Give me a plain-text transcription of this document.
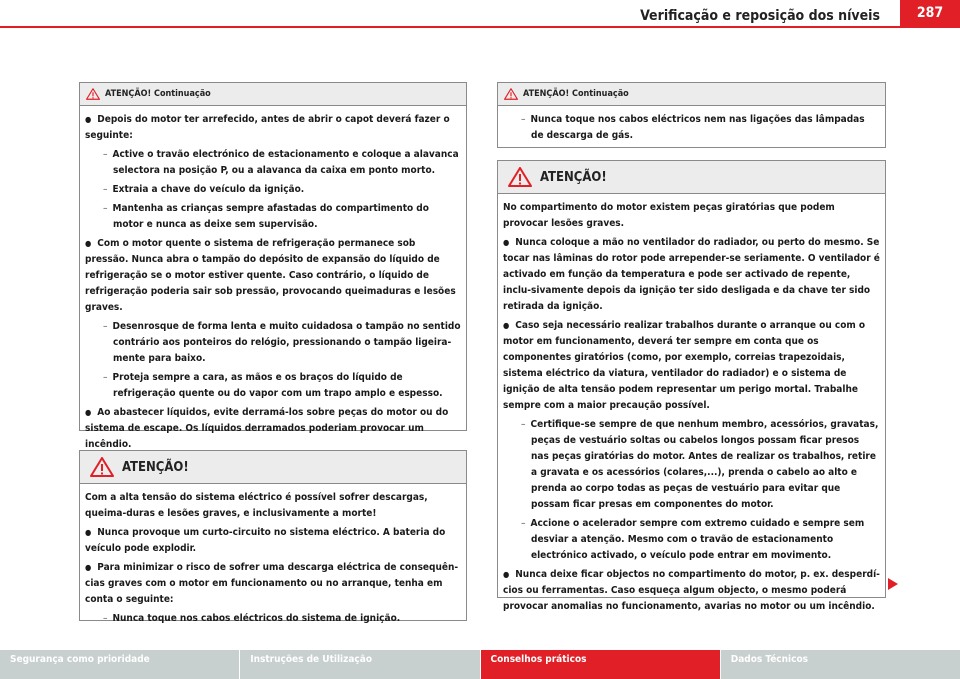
Verificação e reposição dos níveis	287
ATENÇÃO! Continuação

● Depois do motor ter arrefecido, antes de abrir o capot deverá fazer o seguinte:

– Active o travão electrónico de estacionamento e coloque a alavanca selectora na posição P, ou a alavanca da caixa em ponto morto.

– Extraia a chave do veículo da ignição.

– Mantenha as crianças sempre afastadas do compartimento do motor e nunca as deixe sem supervisão.

● Com o motor quente o sistema de refrigeração permanece sob pressão. Nunca abra o tampão do depósito de expansão do líquido de refrigeração se o motor estiver quente. Caso contrário, o líquido de refrigeração poderia sair sob pressão, provocando queimaduras e lesões graves.

– Desenrosque de forma lenta e muito cuidadosa o tampão no sentido contrário aos ponteiros do relógio, pressionando o tampão ligeira-mente para baixo.

– Proteja sempre a cara, as mãos e os braços do líquido de refrigeração quente ou do vapor com um trapo amplo e espesso.

● Ao abastecer líquidos, evite derramá-los sobre peças do motor ou do sistema de escape. Os líquidos derramados poderiam provocar um incêndio.

ATENÇÃO!

Com a alta tensão do sistema eléctrico é possível sofrer descargas, queima-duras e lesões graves, e inclusivamente a morte!

● Nunca provoque um curto-circuito no sistema eléctrico. A bateria do veículo pode explodir.

● Para minimizar o risco de sofrer uma descarga eléctrica de consequên-cias graves com o motor em funcionamento ou no arranque, tenha em conta o seguinte:

– Nunca toque nos cabos eléctricos do sistema de ignição.

ATENÇÃO! Continuação

– Nunca toque nos cabos eléctricos nem nas ligações das lâmpadas de descarga de gás.

ATENÇÃO!

No compartimento do motor existem peças giratórias que podem provocar lesões graves.

● Nunca coloque a mão no ventilador do radiador, ou perto do mesmo. Se tocar nas lâminas do rotor pode arrepender-se seriamente. O ventilador é activado em função da temperatura e pode ser activado de repente, inclu-sivamente depois da ignição ter sido desligada e da chave ter sido retirada da ignição.

● Caso seja necessário realizar trabalhos durante o arranque ou com o motor em funcionamento, deverá ter sempre em conta que os componentes giratórios (como, por exemplo, correias trapezoidais, sistema eléctrico da viatura, ventilador do radiador) e o sistema de ignição de alta tensão podem representar um perigo mortal. Trabalhe sempre com a maior precaução possível.

– Certifique-se sempre de que nenhum membro, acessórios, gravatas, peças de vestuário soltas ou cabelos longos possam ficar presos nas peças giratórias do motor. Antes de realizar os trabalhos, retire a gravata e os acessórios (colares,...), prenda o cabelo ao alto e prenda ao corpo todas as peças de vestuário para evitar que possam ficar presas em componentes do motor.

– Accione o acelerador sempre com extremo cuidado e sempre sem desviar a atenção. Mesmo com o travão de estacionamento electrónico activado, o veículo pode entrar em movimento.

● Nunca deixe ficar objectos no compartimento do motor, p. ex. desperdí-cios ou ferramentas. Caso esqueça algum objecto, o mesmo poderá provocar anomalias no funcionamento, avarias no motor ou um incêndio.

Segurança como prioridade	Instruções de Utilização	Conselhos práticos	Dados Técnicos
